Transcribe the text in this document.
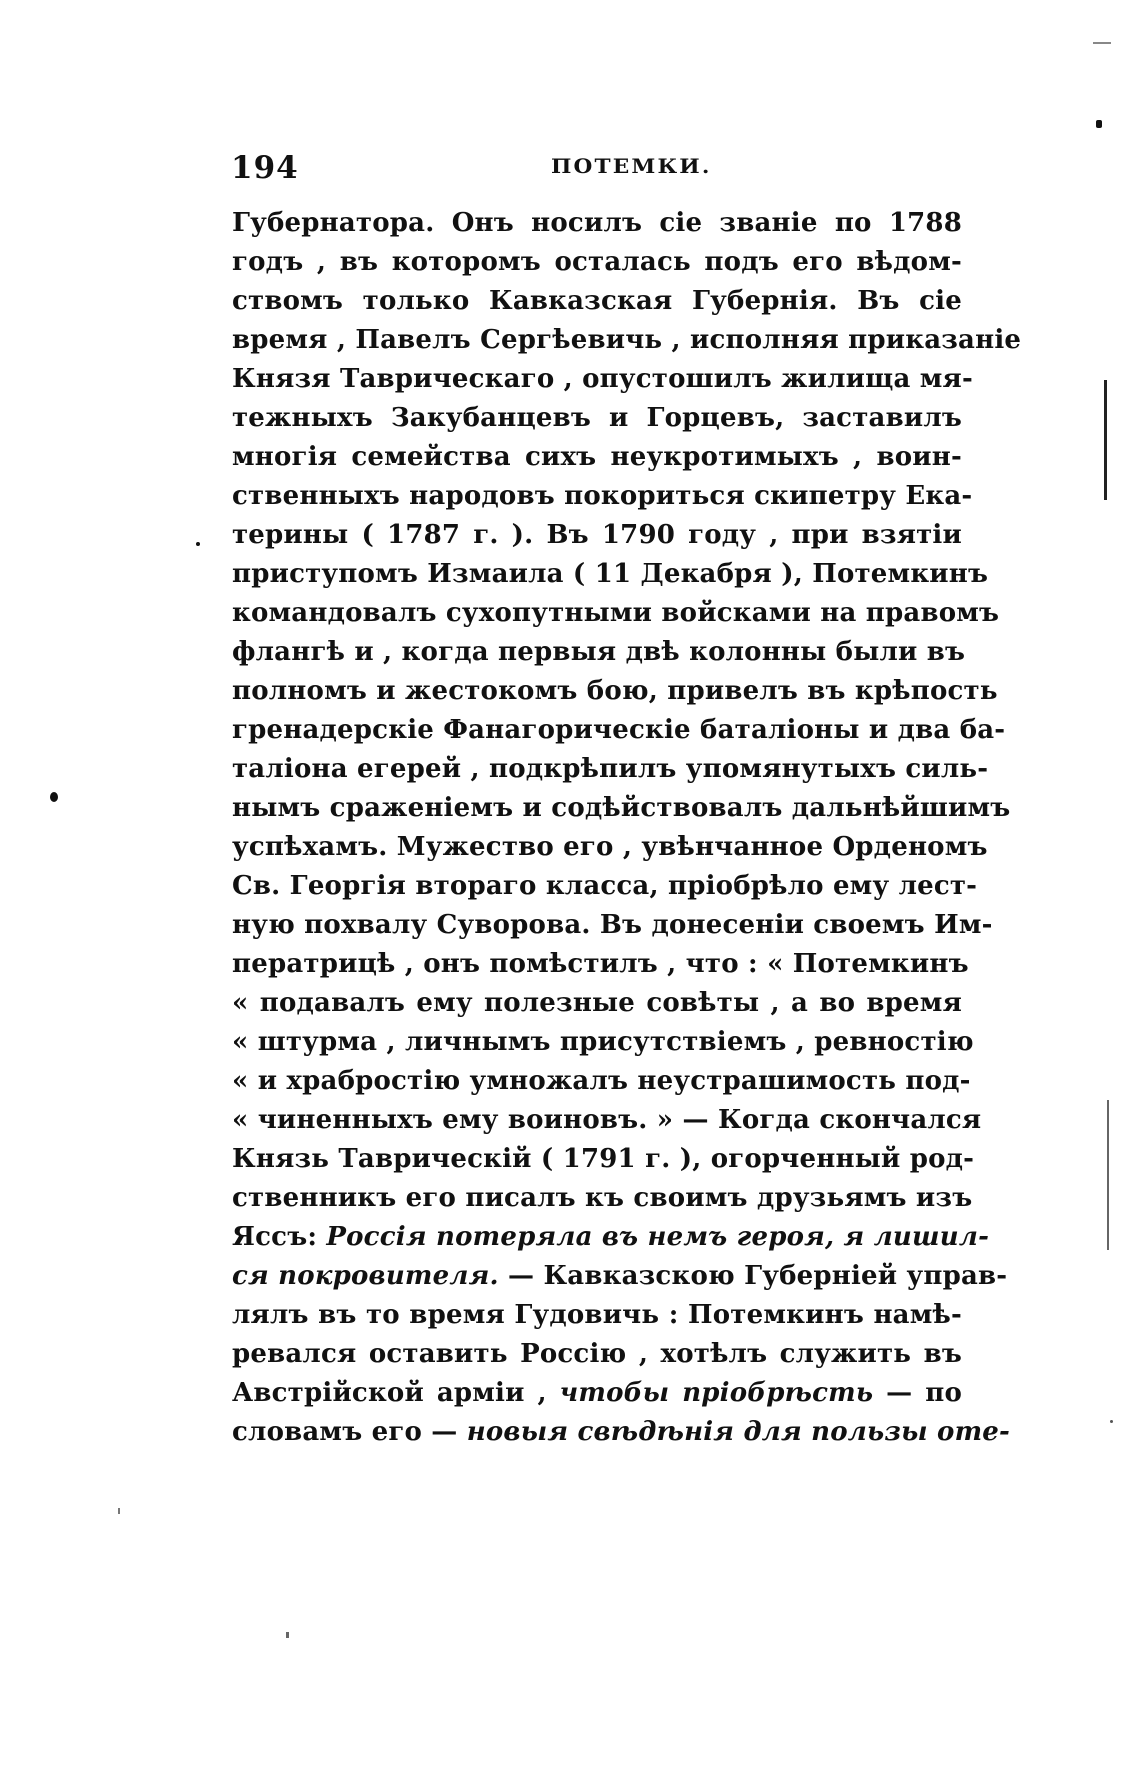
194	ПОТЕМКИ.
Губернатора. Онъ носилъ сіе званіе по 1788
годъ , въ которомъ осталась подъ его вѣдом-
ствомъ только Кавказская Губернія. Въ сіе
время , Павелъ Сергѣевичь , исполняя приказаніе
Князя Таврическаго , опустошилъ жилища мя-
тежныхъ Закубанцевъ и Горцевъ, заставилъ
многія семейства сихъ неукротимыхъ , воин-
ственныхъ народовъ покориться скипетру Ека-
терины ( 1787 г. ). Въ 1790 году , при взятіи
приступомъ Измаила ( 11 Декабря ), Потемкинъ
командовалъ сухопутными войсками на правомъ
флангѣ и , когда первыя двѣ колонны были въ
полномъ и жестокомъ бою, привелъ въ крѣпость
гренадерскіе Фанагорическіе баталіоны и два ба-
таліона егерей , подкрѣпилъ упомянутыхъ силь-
нымъ сраженіемъ и содѣйствовалъ дальнѣйшимъ
успѣхамъ. Мужество его , увѣнчанное Орденомъ
Св. Георгія втораго класса, пріобрѣло ему лест-
ную похвалу Суворова. Въ донесеніи своемъ Им-
ператрицѣ , онъ помѣстилъ , что : « Потемкинъ
« подавалъ ему полезные совѣты , а во время
« штурма , личнымъ присутствіемъ , ревностію
« и храбростію умножалъ неустрашимость под-
« чиненныхъ ему воиновъ. » — Когда скончался
Князь Таврическій ( 1791 г. ), огорченный род-
ственникъ его писалъ къ своимъ друзьямъ изъ
Яссъ: Россія потеряла въ немъ героя, я лишил-
ся покровителя. — Кавказскою Губерніей управ-
лялъ въ то время Гудовичь : Потемкинъ намѣ-
ревался оставить Россію , хотѣлъ служить въ
Австрійской арміи , чтобы пріобрѣсть — по
словамъ его — новыя свѣдѣнія для пользы оте-
